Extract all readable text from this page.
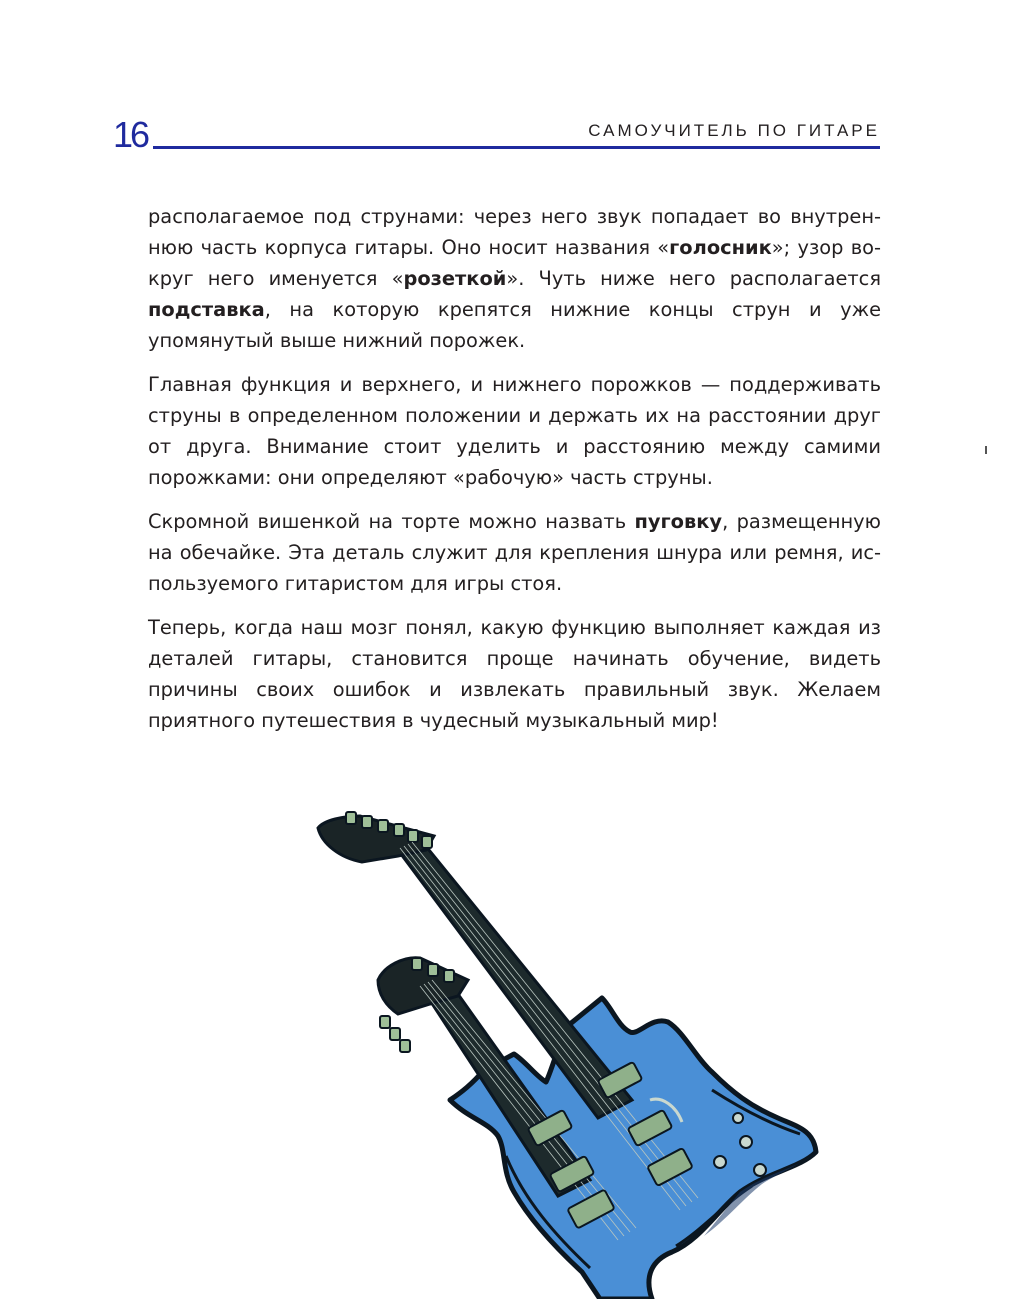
16	САМОУЧИТЕЛЬ ПО ГИТАРЕ

располагаемое под струнами: через него звук попадает во внутреннюю часть корпуса гитары. Оно носит названия «голосник»; узор вокруг него именуется «розеткой». Чуть ниже него располагается подставка, на которую крепятся нижние концы струн и уже упомянутый выше нижний порожек.

Главная функция и верхнего, и нижнего порожков — поддерживать струны в определенном положении и держать их на расстоянии друг от друга. Внимание стоит уделить и расстоянию между самими порожками: они определяют «рабочую» часть струны.

Скромной вишенкой на торте можно назвать пуговку, размещенную на обечайке. Эта деталь служит для крепления шнура или ремня, используемого гитаристом для игры стоя.

Теперь, когда наш мозг понял, какую функцию выполняет каждая из деталей гитары, становится проще начинать обучение, видеть причины своих ошибок и извлекать правильный звук. Желаем приятного путешествия в чудесный музыкальный мир!
